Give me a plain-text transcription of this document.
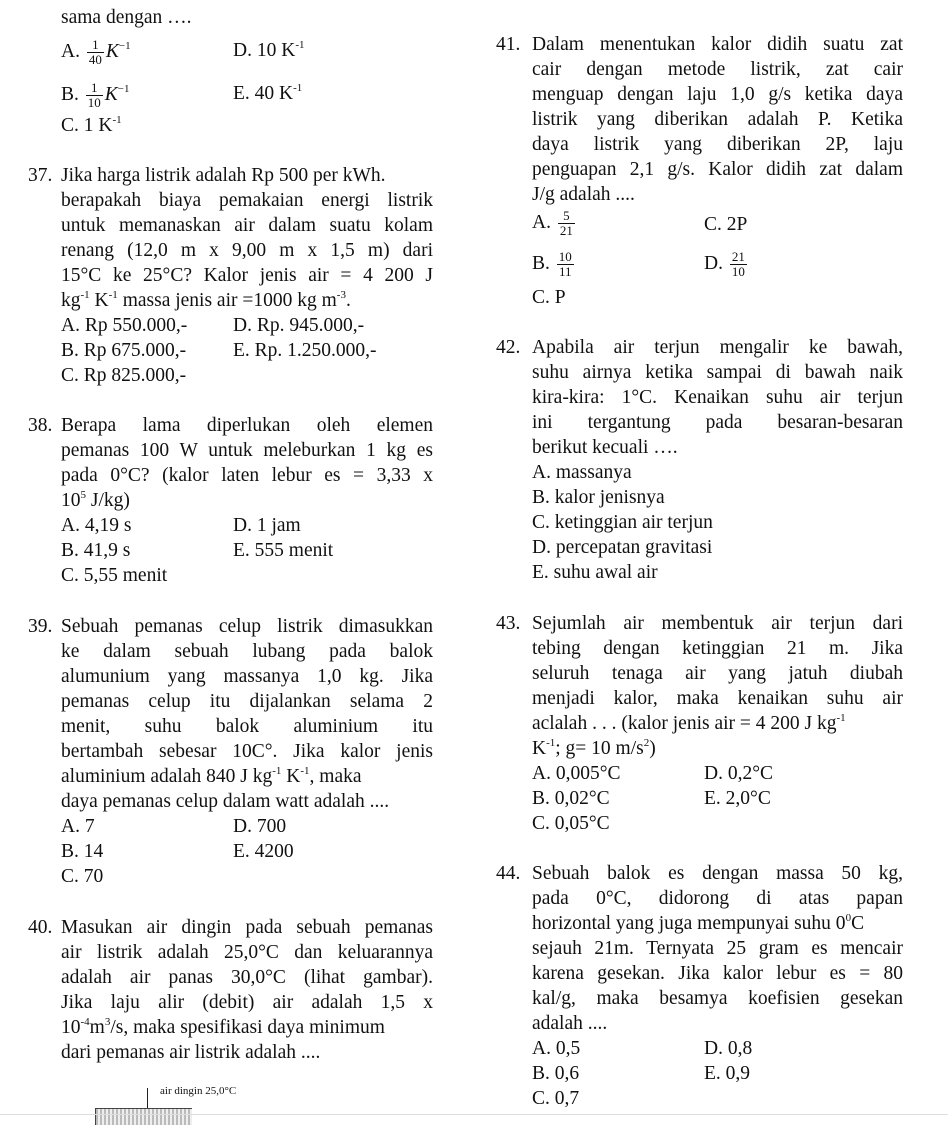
sama dengan ….
A. $\frac{1}{40} K^{-1}$	D. 10 $K^{-1}$
B. $\frac{1}{10} K^{-1}$	E. 40 $K^{-1}$
C. 1 $K^{-1}$
37. Jika harga listrik adalah Rp 500 per kWh.
berapakah biaya pemakaian energi listrik
untuk memanaskan air dalam suatu kolam
renang (12,0 m x 9,00 m x 1,5 m) dari
15°C ke 25°C? Kalor jenis air = 4 200 J
$kg^{-1}$ $K^{-1}$ massa jenis air =1000 kg $m^{-3}$.
A. Rp 550.000,- D. Rp. 945.000,-
B. Rp 675.000,- E. Rp. 1.250.000,-
C. Rp 825.000,-
38. Berapa lama diperlukan oleh elemen
pemanas 100 W untuk meleburkan 1 kg es
pada 0°C? (kalor laten lebur es = 3,33 x
$10^5$ J/kg)
A. 4,19 s	D. 1 jam
B. 41,9 s	E. 555 menit
C. 5,55 menit
39. Sebuah pemanas celup listrik dimasukkan
ke dalam sebuah lubang pada balok
alumunium yang massanya 1,0 kg. Jika
pemanas celup itu dijalankan selama 2
menit, suhu balok aluminium itu
bertambah sebesar 10C°. Jika kalor jenis
aluminium adalah 840 J $kg^{-1}$ $K^{-1}$, maka
daya pemanas celup dalam watt adalah ....
A. 7	D. 700
B. 14	E. 4200
C. 70
40. Masukan air dingin pada sebuah pemanas
air listrik adalah 25,0°C dan keluarannya
adalah air panas 30,0°C (lihat gambar).
Jika laju alir (debit) air adalah 1,5 x
$10^{-4}m^3/s$, maka spesifikasi daya minimum
dari pemanas air listrik adalah ....
air dingin 25,0°C
41. Dalam menentukan kalor didih suatu zat
cair dengan metode listrik, zat cair
menguap dengan laju 1,0 g/s ketika daya
listrik yang diberikan adalah P. Ketika
daya listrik yang diberikan 2P, laju
penguapan 2,1 g/s. Kalor didih zat dalam
J/g adalah ....
A. $\frac{5}{21}$	C. 2P
B. $\frac{10}{11}$	D. $\frac{21}{10}$
C. P
42. Apabila air terjun mengalir ke bawah,
suhu airnya ketika sampai di bawah naik
kira-kira: 1°C. Kenaikan suhu air terjun
ini tergantung pada besaran-besaran
berikut kecuali ….
A. massanya
B. kalor jenisnya
C. ketinggian air terjun
D. percepatan gravitasi
E. suhu awal air
43. Sejumlah air membentuk air terjun dari
tebing dengan ketinggian 21 m. Jika
seluruh tenaga air yang jatuh diubah
menjadi kalor, maka kenaikan suhu air
aclalah . . . (kalor jenis air = 4 200 J $kg^{-1}$
$K^{-1}$; g= 10 $m/s^2$)
A. 0,005°C	D. 0,2°C
B. 0,02°C	E. 2,0°C
C. 0,05°C
44. Sebuah balok es dengan massa 50 kg,
pada 0°C, didorong di atas papan
horizontal yang juga mempunyai suhu $0^0C$
sejauh 21m. Ternyata 25 gram es mencair
karena gesekan. Jika kalor lebur es = 80
kal/g, maka besamya koefisien gesekan
adalah ....
A. 0,5	D. 0,8
B. 0,6	E. 0,9
C. 0,7
